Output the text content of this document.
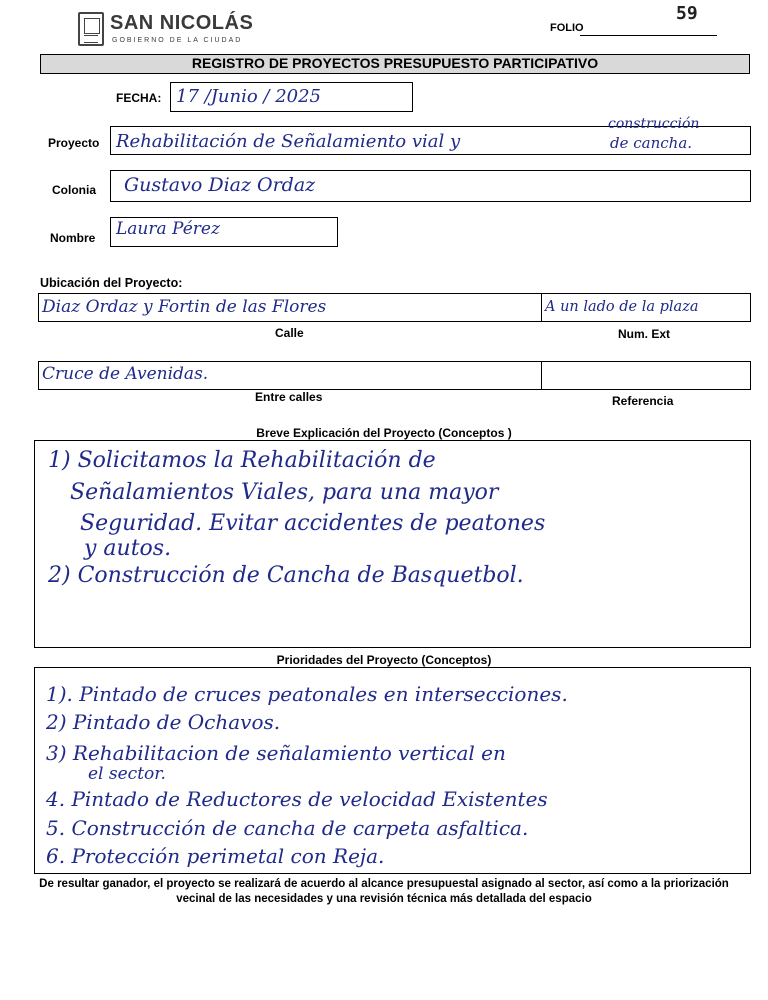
SAN NICOLÁS
GOBIERNO DE LA CIUDAD
59
FOLIO
REGISTRO DE PROYECTOS PRESUPUESTO PARTICIPATIVO
FECHA: 17 /Junio / 2025
Proyecto Rehabilitación de Señalamiento vial y
construcción
de cancha.
Colonia Gustavo Diaz Ordaz
Nombre Laura Pérez
Ubicación del Proyecto:
Diaz Ordaz y Fortin de las Flores	A un lado de la plaza
Calle	Num. Ext
Cruce de Avenidas.
Entre calles	Referencia
Breve Explicación del Proyecto (Conceptos )
1) Solicitamos la Rehabilitación de
Señalamientos Viales, para una mayor
Seguridad. Evitar accidentes de peatones
y autos.
2) Construcción de Cancha de Basquetbol.
Prioridades del Proyecto (Conceptos)
1). Pintado de cruces peatonales en intersecciones.
2) Pintado de Ochavos.
3) Rehabilitacion de señalamiento vertical en
el sector.
4. Pintado de Reductores de velocidad Existentes
5. Construcción de cancha de carpeta asfaltica.
6. Protección perimetal con Reja.
De resultar ganador, el proyecto se realizará de acuerdo al alcance presupuestal asignado al sector, así como a la priorización
vecinal de las necesidades y una revisión técnica más detallada del espacio
